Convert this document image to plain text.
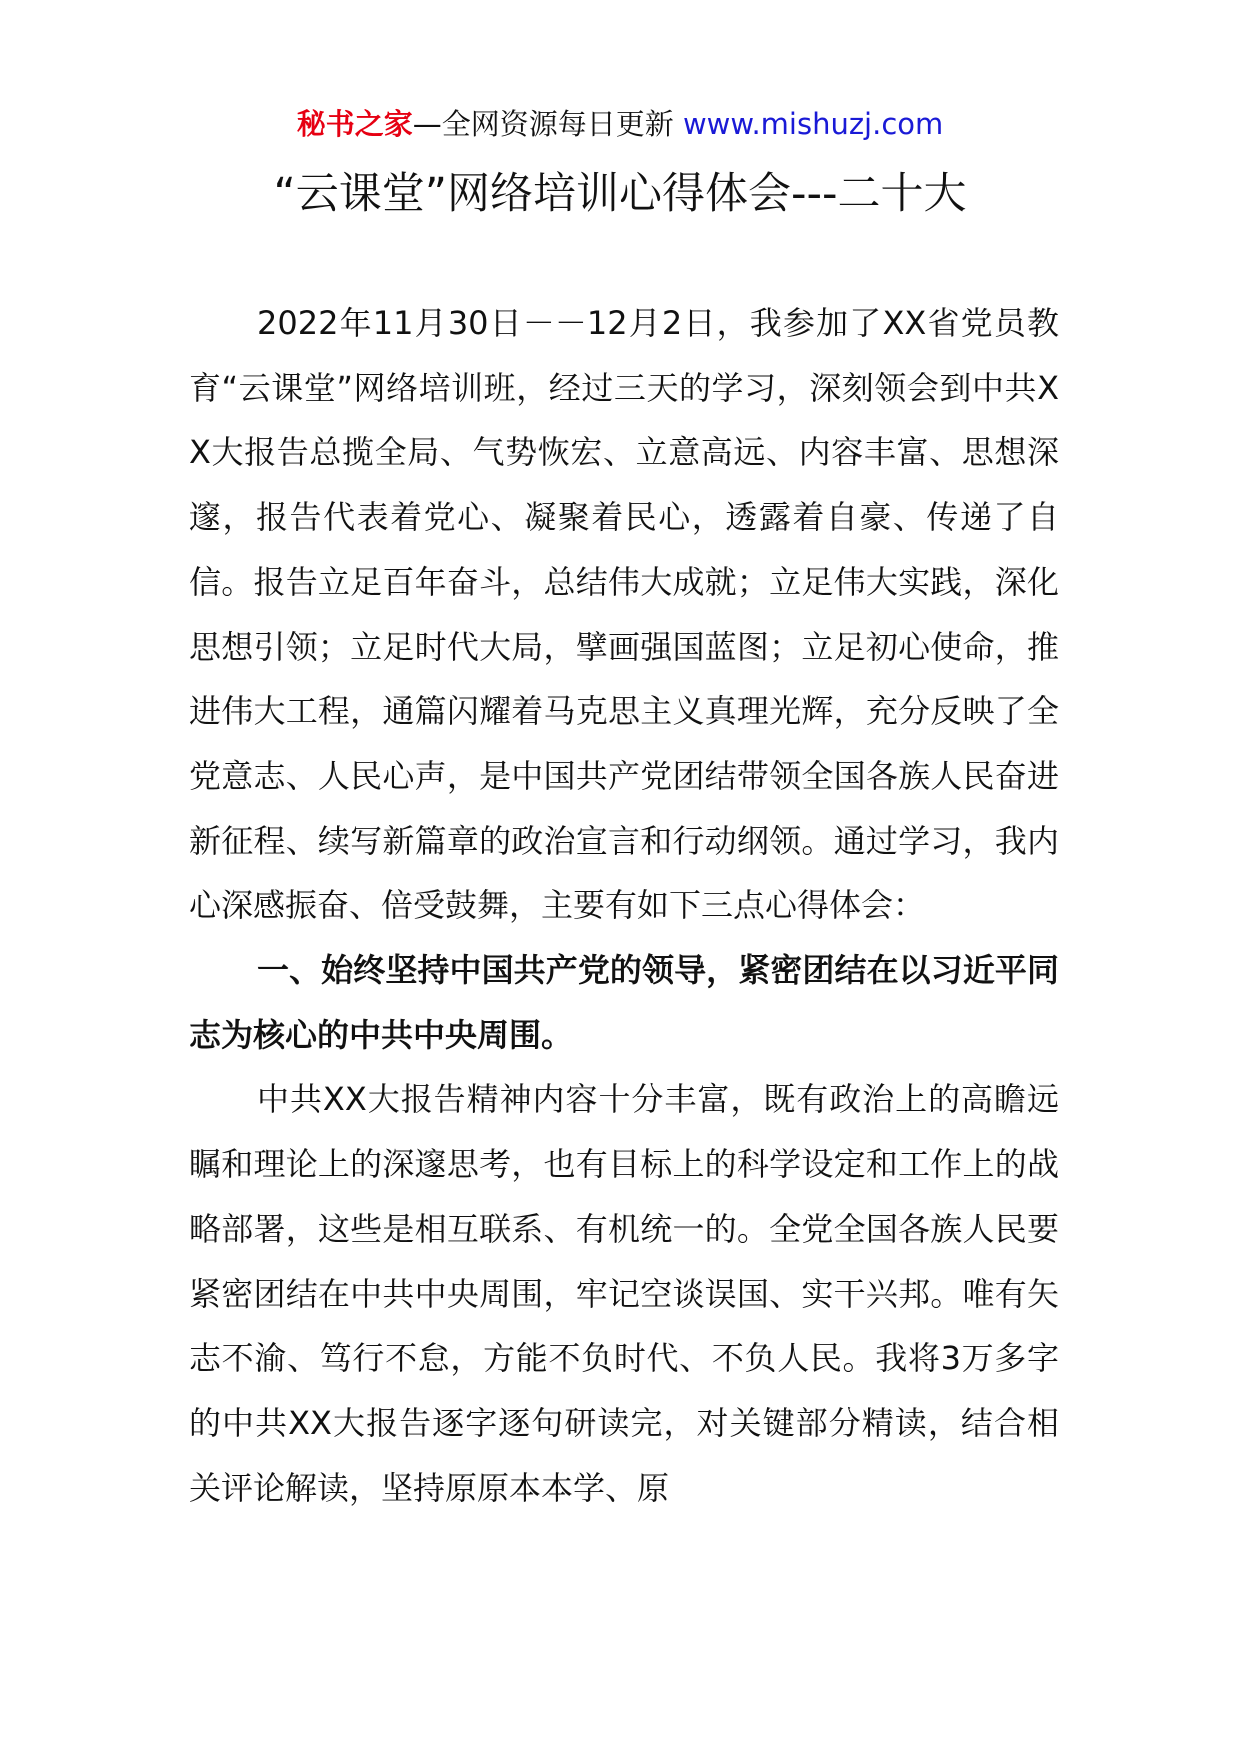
秘书之家—全网资源每日更新 www.mishuzj.com
“云课堂”网络培训心得体会---二十大

2022年11月30日－－12月2日，我参加了XX省党员教育“云课堂”网络培训班，经过三天的学习，深刻领会到中共XX大报告总揽全局、气势恢宏、立意高远、内容丰富、思想深邃，报告代表着党心、凝聚着民心，透露着自豪、传递了自信。报告立足百年奋斗，总结伟大成就；立足伟大实践，深化思想引领；立足时代大局，擘画强国蓝图；立足初心使命，推进伟大工程，通篇闪耀着马克思主义真理光辉，充分反映了全党意志、人民心声，是中国共产党团结带领全国各族人民奋进新征程、续写新篇章的政治宣言和行动纲领。通过学习，我内心深感振奋、倍受鼓舞，主要有如下三点心得体会：

一、始终坚持中国共产党的领导，紧密团结在以习近平同志为核心的中共中央周围。

中共XX大报告精神内容十分丰富，既有政治上的高瞻远瞩和理论上的深邃思考，也有目标上的科学设定和工作上的战略部署，这些是相互联系、有机统一的。全党全国各族人民要紧密团结在中共中央周围，牢记空谈误国、实干兴邦。唯有矢志不渝、笃行不怠，方能不负时代、不负人民。我将3万多字的中共XX大报告逐字逐句研读完，对关键部分精读，结合相关评论解读，坚持原原本本学、原
